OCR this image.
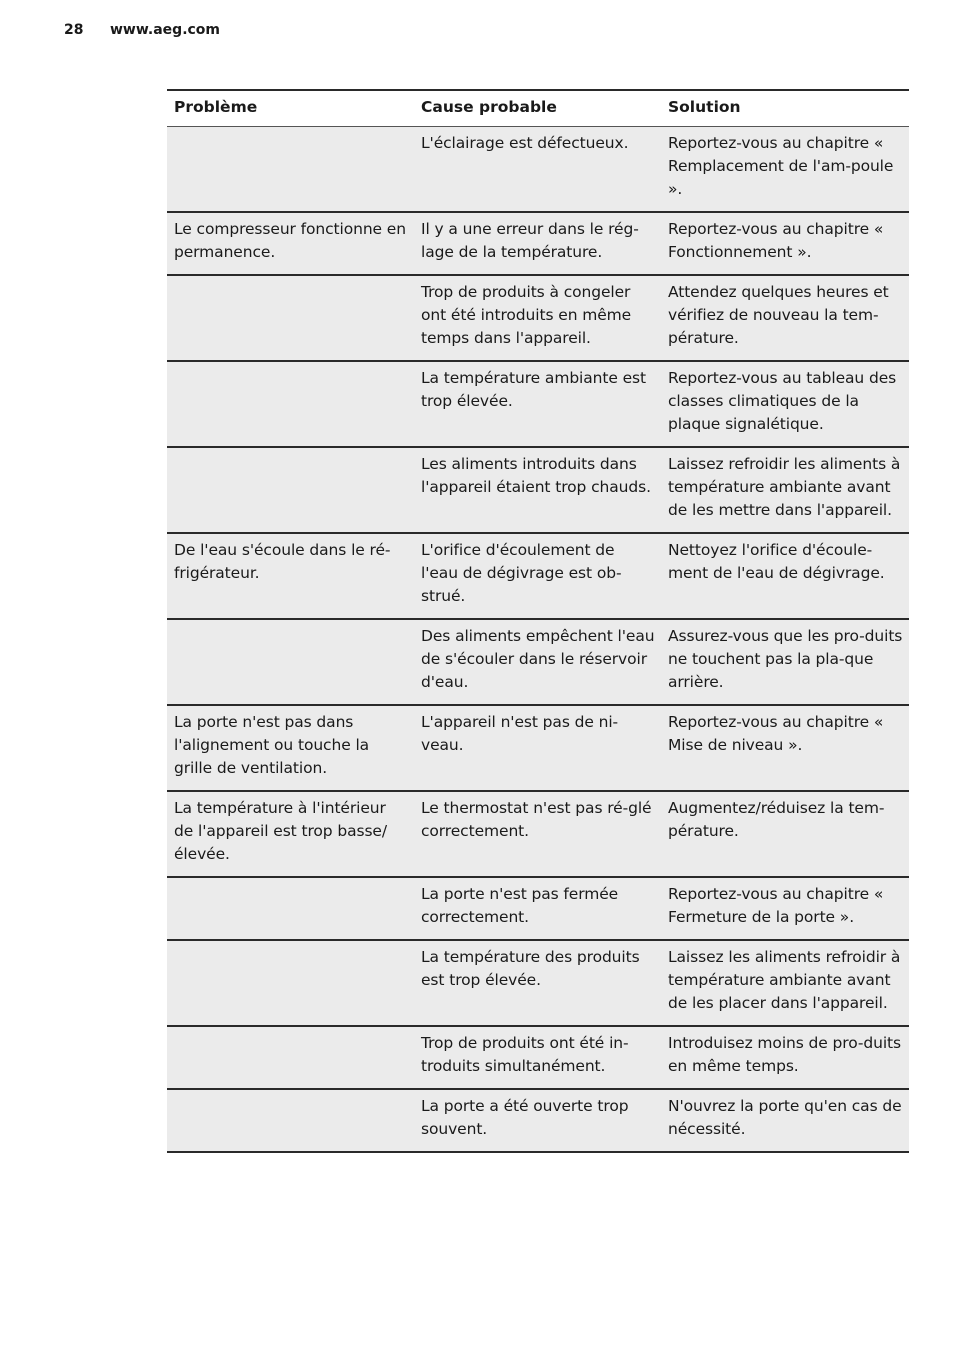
28 www.aeg.com
Problème	Cause probable	Solution
	L'éclairage est défectueux.	Reportez-vous au chapitre « Remplacement de l'am-poule ».
Le compresseur fonctionne en permanence.	Il y a une erreur dans le rég-lage de la température.	Reportez-vous au chapitre « Fonctionnement ».
	Trop de produits à congeler ont été introduits en même temps dans l'appareil.	Attendez quelques heures et vérifiez de nouveau la tem-pérature.
	La température ambiante est trop élevée.	Reportez-vous au tableau des classes climatiques de la plaque signalétique.
	Les aliments introduits dans l'appareil étaient trop chauds.	Laissez refroidir les aliments à température ambiante avant de les mettre dans l'appareil.
De l'eau s'écoule dans le ré-frigérateur.	L'orifice d'écoulement de l'eau de dégivrage est ob-strué.	Nettoyez l'orifice d'écoule-ment de l'eau de dégivrage.
	Des aliments empêchent l'eau de s'écouler dans le réservoir d'eau.	Assurez-vous que les pro-duits ne touchent pas la pla-que arrière.
La porte n'est pas dans l'alignement ou touche la grille de ventilation.	L'appareil n'est pas de ni-veau.	Reportez-vous au chapitre « Mise de niveau ».
La température à l'intérieur de l'appareil est trop basse/élevée.	Le thermostat n'est pas ré-glé correctement.	Augmentez/réduisez la tem-pérature.
	La porte n'est pas fermée correctement.	Reportez-vous au chapitre « Fermeture de la porte ».
	La température des produits est trop élevée.	Laissez les aliments refroidir à température ambiante avant de les placer dans l'appareil.
	Trop de produits ont été in-troduits simultanément.	Introduisez moins de pro-duits en même temps.
	La porte a été ouverte trop souvent.	N'ouvrez la porte qu'en cas de nécessité.
